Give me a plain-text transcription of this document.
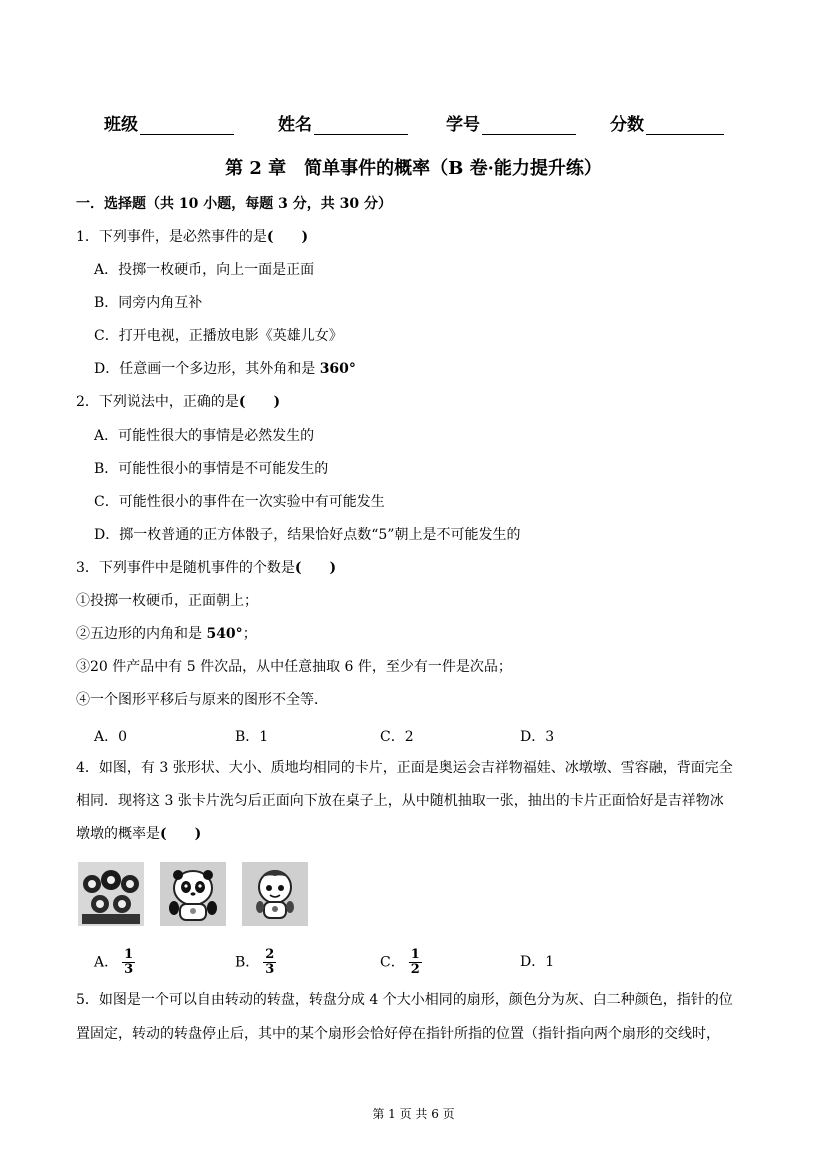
班级	姓名	学号	分数
第 2 章　简单事件的概率（B 卷·能力提升练）
一．选择题（共 10 小题，每题 3 分，共 30 分）
1．下列事件，是必然事件的是(　　)
A．投掷一枚硬币，向上一面是正面
B．同旁内角互补
C．打开电视，正播放电影《英雄儿女》
D．任意画一个多边形，其外角和是 360°
2．下列说法中，正确的是(　　)
A．可能性很大的事情是必然发生的
B．可能性很小的事情是不可能发生的
C．可能性很小的事件在一次实验中有可能发生
D．掷一枚普通的正方体骰子，结果恰好点数“5”朝上是不可能发生的
3．下列事件中是随机事件的个数是(　　)
①投掷一枚硬币，正面朝上；
②五边形的内角和是 540°；
③20 件产品中有 5 件次品，从中任意抽取 6 件，至少有一件是次品；
④一个图形平移后与原来的图形不全等．
A．0	B．1	C．2	D．3
4．如图，有 3 张形状、大小、质地均相同的卡片，正面是奥运会吉祥物福娃、冰墩墩、雪容融，背面完全
相同．现将这 3 张卡片洗匀后正面向下放在桌子上，从中随机抽取一张，抽出的卡片正面恰好是吉祥物冰
墩墩的概率是(　　)
A． $\frac{1}{3}$	B． $\frac{2}{3}$	C． $\frac{1}{2}$	D．1
5．如图是一个可以自由转动的转盘，转盘分成 4 个大小相同的扇形，颜色分为灰、白二种颜色，指针的位
置固定，转动的转盘停止后，其中的某个扇形会恰好停在指针所指的位置（指针指向两个扇形的交线时，
第 1 页 共 6 页
